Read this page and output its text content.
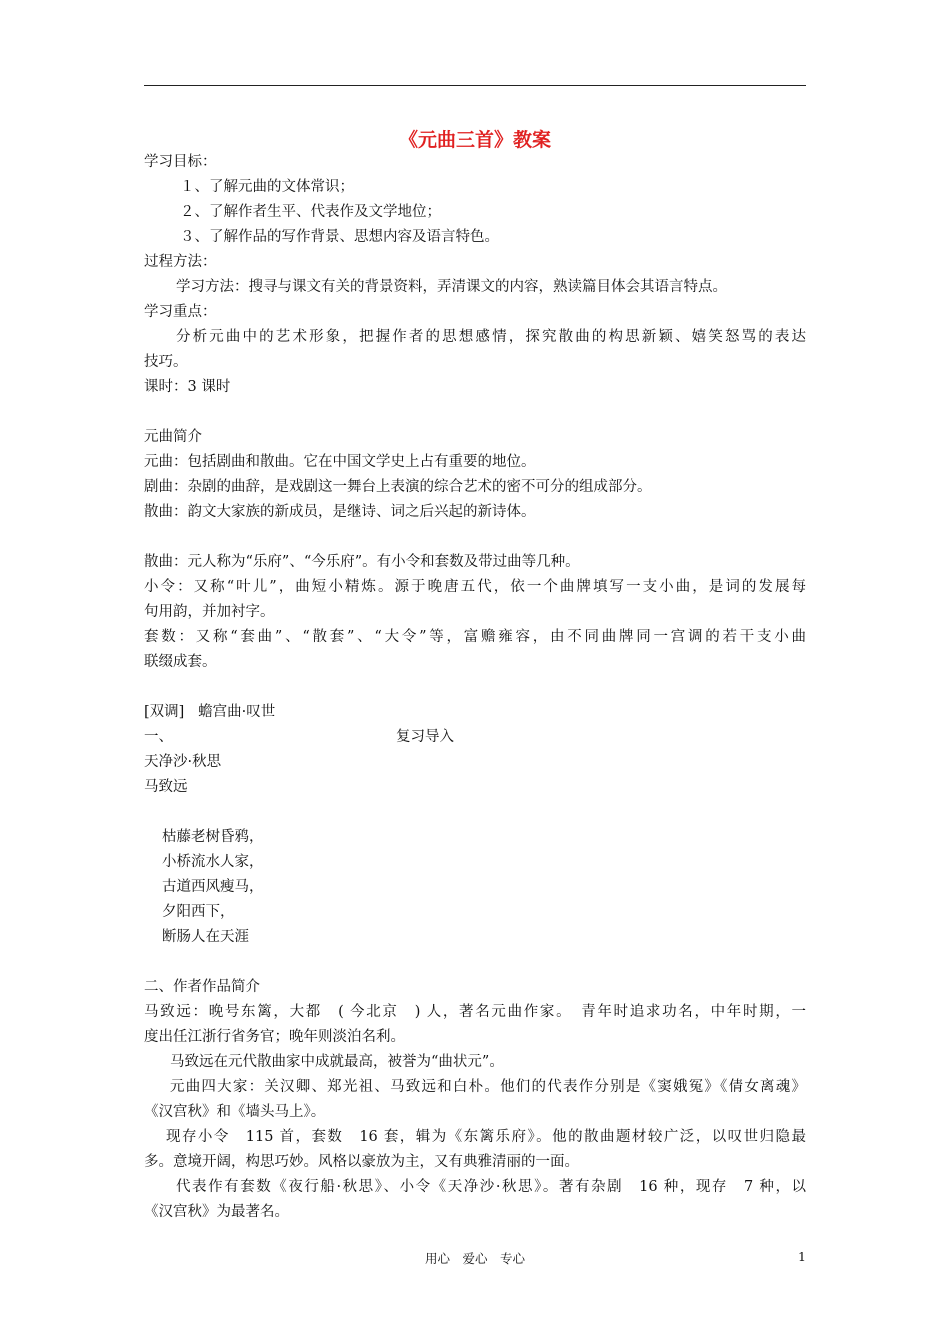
《元曲三首》教案
学习目标：
１、了解元曲的文体常识；
２、了解作者生平、代表作及文学地位；
３、了解作品的写作背景、思想内容及语言特色。
过程方法：
学习方法：搜寻与课文有关的背景资料，弄清课文的内容，熟读篇目体会其语言特点。
学习重点：
分析元曲中的艺术形象，把握作者的思想感情，探究散曲的构思新颖、嬉笑怒骂的表达
技巧。
课时：3 课时
元曲简介
元曲：包括剧曲和散曲。它在中国文学史上占有重要的地位。
剧曲：杂剧的曲辞，是戏剧这一舞台上表演的综合艺术的密不可分的组成部分。
散曲：韵文大家族的新成员，是继诗、词之后兴起的新诗体。
散曲：元人称为“乐府”、“今乐府”。有小令和套数及带过曲等几种。
小令：又称“叶儿”，曲短小精炼。源于晚唐五代，依一个曲牌填写一支小曲，是词的发展每
句用韵，并加衬字。
套数：又称“套曲”、“散套”、“大令”等，富赡雍容，由不同曲牌同一宫调的若干支小曲
联缀成套。
[双调]   蟾宫曲·叹世
一、	复习导入
天净沙·秋思
马致远
枯藤老树昏鸦，
小桥流水人家，
古道西风瘦马，
夕阳西下，
断肠人在天涯
二、作者作品简介
马致远：晚号东篱，大都　( 今北京　) 人，著名元曲作家。　青年时追求功名，中年时期，一
度出任江浙行省务官；晚年则淡泊名利。
马致远在元代散曲家中成就最高，被誉为“曲状元”。
元曲四大家：关汉卿、郑光祖、马致远和白朴。他们的代表作分别是《窦娥冤》《倩女离魂》
《汉宫秋》和《墙头马上》。
现存小令　115 首，套数　16 套，辑为《东篱乐府》。他的散曲题材较广泛，以叹世归隐最
多。意境开阔，构思巧妙。风格以豪放为主，又有典雅清丽的一面。
代表作有套数《夜行船·秋思》、小令《天净沙·秋思》。著有杂剧　16 种，现存　7 种，以
《汉宫秋》为最著名。
用心　爱心　专心	1
